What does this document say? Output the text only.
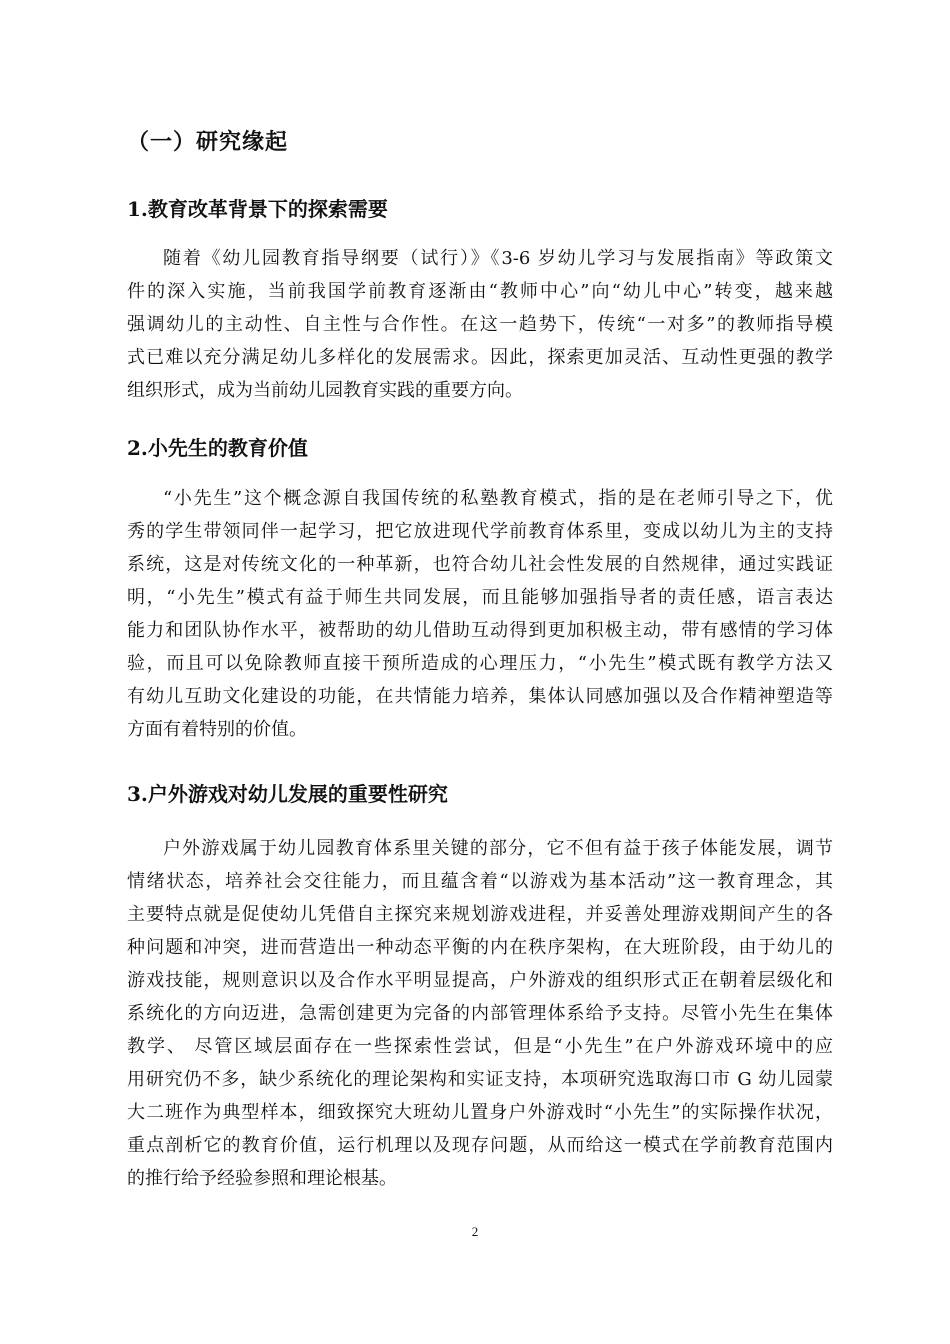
（一）研究缘起
1.教育改革背景下的探索需要
随着《幼儿园教育指导纲要（试行）》《3-6 岁幼儿学习与发展指南》等政策文
件的深入实施，当前我国学前教育逐渐由“教师中心”向“幼儿中心”转变，越来越
强调幼儿的主动性、自主性与合作性。在这一趋势下，传统“一对多”的教师指导模
式已难以充分满足幼儿多样化的发展需求。因此，探索更加灵活、互动性更强的教学
组织形式，成为当前幼儿园教育实践的重要方向。
2.小先生的教育价值
“小先生”这个概念源自我国传统的私塾教育模式，指的是在老师引导之下，优
秀的学生带领同伴一起学习，把它放进现代学前教育体系里，变成以幼儿为主的支持
系统，这是对传统文化的一种革新，也符合幼儿社会性发展的自然规律，通过实践证
明，“小先生”模式有益于师生共同发展，而且能够加强指导者的责任感，语言表达
能力和团队协作水平，被帮助的幼儿借助互动得到更加积极主动，带有感情的学习体
验，而且可以免除教师直接干预所造成的心理压力，“小先生”模式既有教学方法又
有幼儿互助文化建设的功能，在共情能力培养，集体认同感加强以及合作精神塑造等
方面有着特别的价值。
3.户外游戏对幼儿发展的重要性研究
户外游戏属于幼儿园教育体系里关键的部分，它不但有益于孩子体能发展，调节
情绪状态，培养社会交往能力，而且蕴含着“以游戏为基本活动”这一教育理念，其
主要特点就是促使幼儿凭借自主探究来规划游戏进程，并妥善处理游戏期间产生的各
种问题和冲突，进而营造出一种动态平衡的内在秩序架构，在大班阶段，由于幼儿的
游戏技能，规则意识以及合作水平明显提高，户外游戏的组织形式正在朝着层级化和
系统化的方向迈进，急需创建更为完备的内部管理体系给予支持。尽管小先生在集体
教学、 尽管区域层面存在一些探索性尝试，但是“小先生”在户外游戏环境中的应
用研究仍不多，缺少系统化的理论架构和实证支持，本项研究选取海口市 G 幼儿园蒙
大二班作为典型样本，细致探究大班幼儿置身户外游戏时“小先生”的实际操作状况，
重点剖析它的教育价值，运行机理以及现存问题，从而给这一模式在学前教育范围内
的推行给予经验参照和理论根基。
2
